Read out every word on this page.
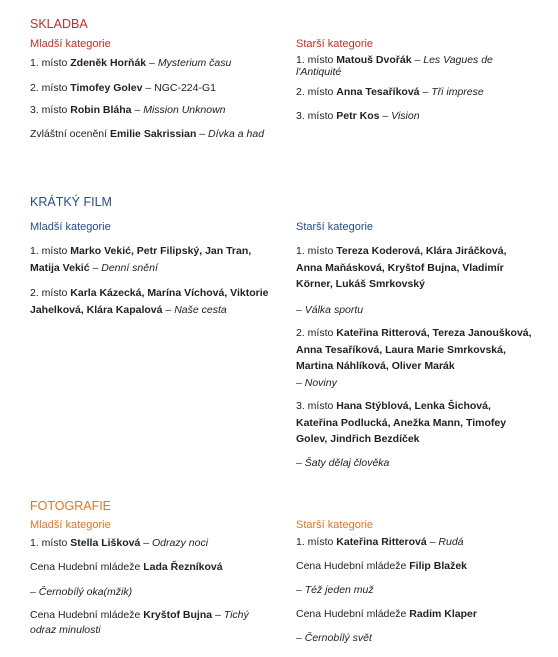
SKLADBA
Mladší kategorie	Starší kategorie
1. místo Zdeněk Horňák – Mysterium času
2. místo Timofey Golev – NGC-224-G1
3. místo Robin Bláha – Mission Unknown
Zvláštní ocenění Emilie Sakrissian – Dívka a had
1. místo Matouš Dvořák – Les Vagues de l'Antiquité
2. místo Anna Tesaříková – Tři imprese
3. místo Petr Kos – Vision
KRÁTKÝ FILM
Mladší kategorie	Starší kategorie
1. místo Marko Vekić, Petr Filipský, Jan Tran, Matija Vekić – Denní snění
2. místo Karla Kázecká, Marína Víchová, Viktorie Jahelková, Klára Kapalová – Naše cesta
1. místo Tereza Koderová, Klára Jiráčková, Anna Maňásková, Kryštof Bujna, Vladimír Körner, Lukáš Smrkovský
– Válka sportu
2. místo Kateřina Ritterová, Tereza Janoušková, Anna Tesaříková, Laura Marie Smrkovská, Martina Náhlíková, Oliver Marák
– Noviny
3. místo Hana Stýblová, Lenka Šichová, Kateřina Podlucká, Anežka Mann, Timofey Golev, Jindřich Bezdíček
– Šaty dělaj člověka
FOTOGRAFIE
Mladší kategorie	Starší kategorie
1. místo Stella Lišková – Odrazy noci
Cena Hudební mládeže Lada Řezníková
– Černobílý oka(mžik)
Cena Hudební mládeže Kryštof Bujna – Tichý odraz minulosti
1. místo Kateřina Ritterová – Rudá
Cena Hudební mládeže Filip Blažek
– Též jeden muž
Cena Hudební mládeže Radim Klaper
– Černobílý svět
